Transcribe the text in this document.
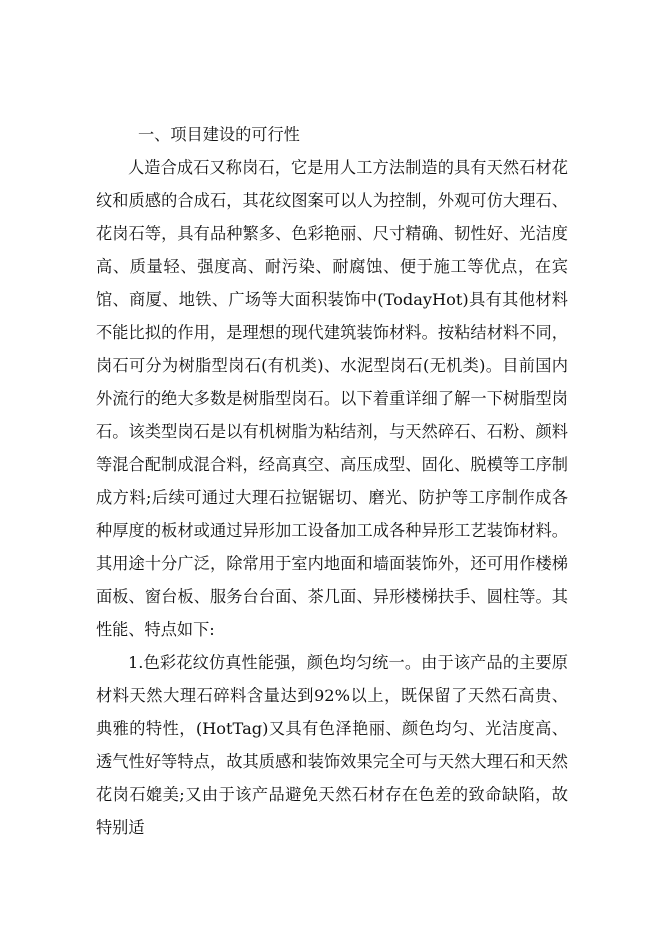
一、项目建设的可行性

人造合成石又称岗石，它是用人工方法制造的具有天然石材花纹和质感的合成石，其花纹图案可以人为控制，外观可仿大理石、花岗石等，具有品种繁多、色彩艳丽、尺寸精确、韧性好、光洁度高、质量轻、强度高、耐污染、耐腐蚀、便于施工等优点，在宾馆、商厦、地铁、广场等大面积装饰中(TodayHot)具有其他材料不能比拟的作用，是理想的现代建筑装饰材料。按粘结材料不同，岗石可分为树脂型岗石(有机类)、水泥型岗石(无机类)。目前国内外流行的绝大多数是树脂型岗石。以下着重详细了解一下树脂型岗石。该类型岗石是以有机树脂为粘结剂，与天然碎石、石粉、颜料等混合配制成混合料，经高真空、高压成型、固化、脱模等工序制成方料;后续可通过大理石拉锯锯切、磨光、防护等工序制作成各种厚度的板材或通过异形加工设备加工成各种异形工艺装饰材料。其用途十分广泛，除常用于室内地面和墙面装饰外，还可用作楼梯面板、窗台板、服务台台面、茶几面、异形楼梯扶手、圆柱等。其性能、特点如下:

1.色彩花纹仿真性能强，颜色均匀统一。由于该产品的主要原材料天然大理石碎料含量达到92%以上，既保留了天然石高贵、典雅的特性，(HotTag)又具有色泽艳丽、颜色均匀、光洁度高、透气性好等特点，故其质感和装饰效果完全可与天然大理石和天然花岗石媲美;又由于该产品避免天然石材存在色差的致命缺陷，故特别适
